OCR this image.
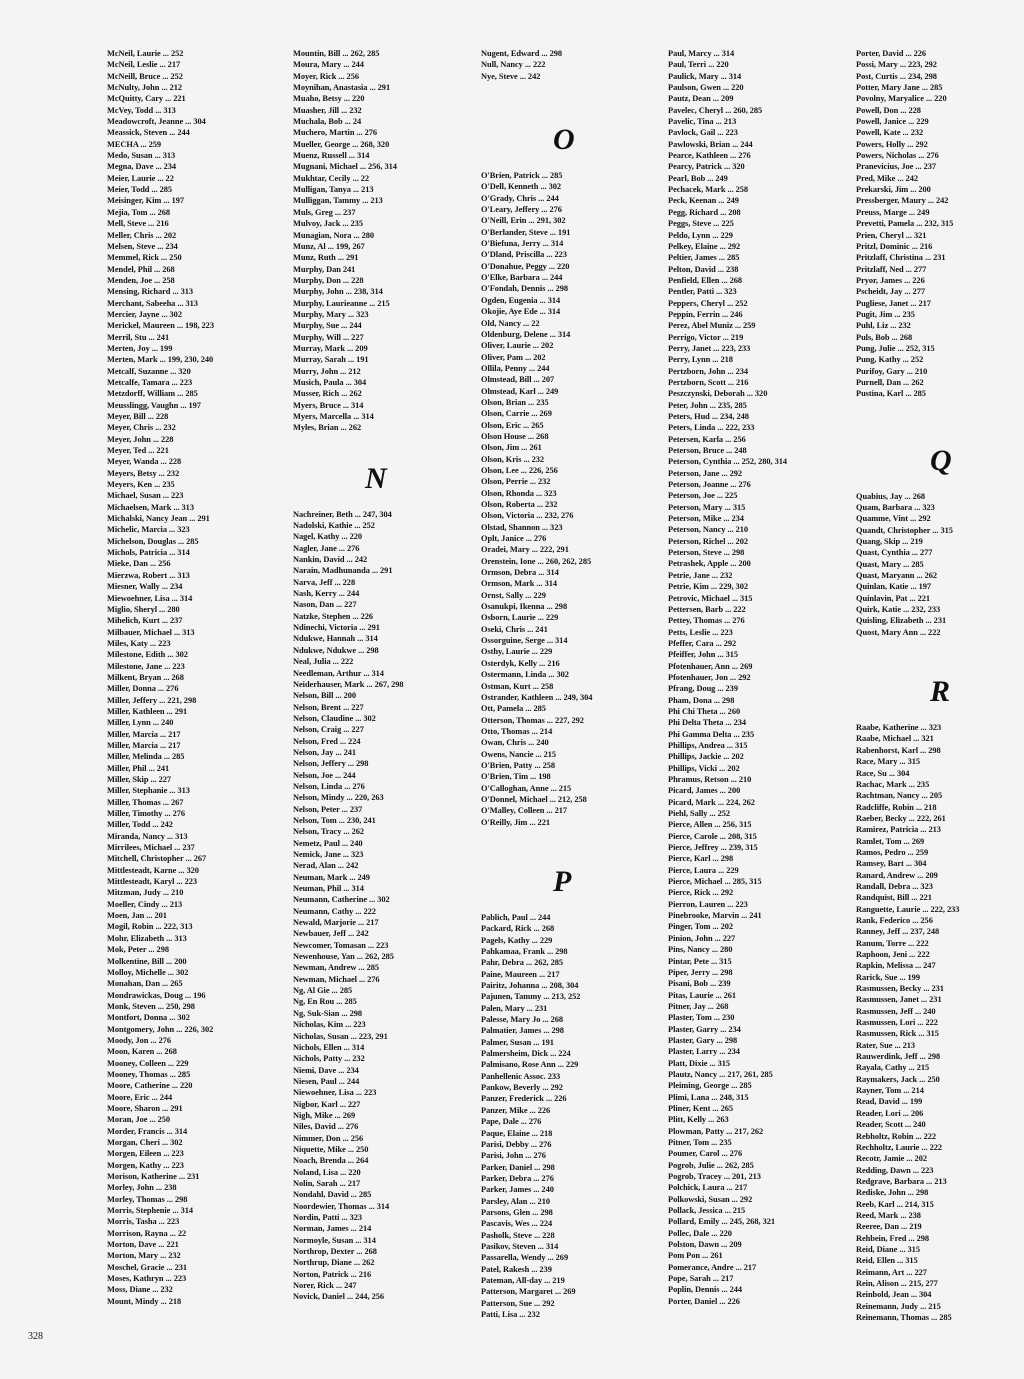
McNeil, Laurie ... 252
McNeil, Leslie ... 217
McNeill, Bruce ... 252
McNulty, John ... 212
McQuitty, Cary ... 221
McVey, Todd ... 313
Meadowcroft, Jeanne ... 304
Meassick, Steven ... 244
MECHA ... 259
Medo, Susan ... 313
Megna, Dave ... 234
Meier, Laurie ... 22
Meier, Todd ... 285
Meisinger, Kim ... 197
Mejia, Tom ... 268
Mell, Steve ... 216
Meller, Chris ... 202
Melsen, Steve ... 234
Memmel, Rick ... 250
Mendel, Phil ... 268
Menden, Joe ... 258
Mensing, Richard ... 313
Merchant, Sabeeha ... 313
Mercier, Jayne ... 302
Merickel, Maureen ... 198, 223
Merril, Stu ... 241
Merten, Joy ... 199
Merten, Mark ... 199, 230, 240
Metcalf, Suzanne ... 320
Metcalfe, Tamara ... 223
Metzdorff, William ... 285
Meusslingg, Vaughn ... 197
Meyer, Bill ... 228
Meyer, Chris ... 232
Meyer, John ... 228
Meyer, Ted ... 221
Meyer, Wanda ... 228
Meyers, Betsy ... 232
Meyers, Ken ... 235
Michael, Susan ... 223
Michaelsen, Mark ... 313
Michalski, Nancy Jean ... 291
Michelic, Marcia ... 323
Michelson, Douglas ... 285
Michols, Patricia ... 314
Mieke, Dan ... 256
Mierzwa, Robert ... 313
Miesner, Wally ... 234
Miewoehner, Lisa ... 314
Miglio, Sheryl ... 280
Mihelich, Kurt ... 237
Milbauer, Michael ... 313
Miles, Katy ... 223
Milestone, Edith ... 302
Milestone, Jane ... 223
Milkent, Bryan ... 268
Miller, Donna ... 276
Miller, Jeffery ... 221, 298
Miller, Kathleen ... 291
Miller, Lynn ... 240
Miller, Marcia ... 217
Miller, Marcia ... 217
Miller, Melinda ... 285
Miller, Phil ... 241
Miller, Skip ... 227
Miller, Stephanie ... 313
Miller, Thomas ... 267
Miller, Timothy ... 276
Miller, Todd ... 242
Miranda, Nancy ... 313
Mirrilees, Michael ... 237
Mitchell, Christopher ... 267
Mittlesteadt, Karne ... 320
Mittlesteadt, Karyl ... 223
Mitzman, Judy ... 210
Moeller, Cindy ... 213
Moen, Jan ... 201
Mogil, Robin ... 222, 313
Mohr, Elizabeth ... 313
Mok, Peter ... 298
Molkentine, Bill ... 200
Molloy, Michelle ... 302
Monahan, Dan ... 265
Mondrawickas, Doug ... 196
Monk, Steven ... 250, 298
Montfort, Donna ... 302
Montgomery, John ... 226, 302
Moody, Jon ... 276
Moon, Karen ... 268
Mooney, Colleen ... 229
Mooney, Thomas ... 285
Moore, Catherine ... 220
Moore, Eric ... 244
Moore, Sharon ... 291
Moran, Joe ... 250
Morder, Francis ... 314
Morgan, Cheri ... 302
Morgen, Eileen ... 223
Morgen, Kathy ... 223
Morison, Katherine ... 231
Morley, John ... 238
Morley, Thomas ... 298
Morris, Stephenie ... 314
Morris, Tasha ... 223
Morrison, Rayna ... 22
Morton, Dave ... 221
Morton, Mary ... 232
Moschel, Gracie ... 231
Moses, Kathryn ... 223
Moss, Diane ... 232
Mount, Mindy ... 218
Mountin, Bill ... 262, 285
Moura, Mary ... 244
Moyer, Rick ... 256
Moynihan, Anastasia ... 291
Muaho, Betsy ... 220
Muasher, Jill ... 232
Muchala, Bob ... 24
Muchero, Martin ... 276
Mueller, George ... 268, 320
Muenz, Russell ... 314
Mugnani, Michael ... 256, 314
Mukhtar, Cecily ... 22
Mulligan, Tanya ... 213
Mulliggan, Tammy ... 213
Muls, Greg ... 237
Mulvoy, Jack ... 235
Munagian, Nora ... 280
Munz, Al ... 199, 267
Munz, Ruth ... 291
Murphy, Dan 241
Murphy, Don ... 228
Murphy, John ... 238, 314
Murphy, Laurieanne ... 215
Murphy, Mary ... 323
Murphy, Sue ... 244
Murphy, Will ... 227
Murray, Mark ... 209
Murray, Sarah ... 191
Murry, John ... 212
Musich, Paula ... 304
Musser, Rich ... 262
Myers, Bruce ... 314
Myers, Marcella ... 314
Myles, Brian ... 262
N
Nachreiner, Beth ... 247, 304
Nadolski, Kathie ... 252
Nagel, Kathy ... 220
Nagler, Jane ... 276
Nankin, David ... 242
Narain, Madhunanda ... 291
Narva, Jeff ... 228
Nash, Kerry ... 244
Nason, Dan ... 227
Natzke, Stephen ... 226
Ndinechi, Victoria ... 291
Ndukwe, Hannah ... 314
Ndukwe, Ndukwe ... 298
Neal, Julia ... 222
Needleman, Arthur ... 314
Neiderhauser, Mark ... 267, 298
Nelson, Bill ... 200
Nelson, Brent ... 227
Nelson, Claudine ... 302
Nelson, Craig ... 227
Nelson, Fred ... 224
Nelson, Jay ... 241
Nelson, Jeffery ... 298
Nelson, Joe ... 244
Nelson, Linda ... 276
Nelson, Mindy ... 220, 263
Nelson, Peter ... 237
Nelson, Tom ... 230, 241
Nelson, Tracy ... 262
Nemetz, Paul ... 240
Nemick, Jane ... 323
Nerad, Alan ... 242
Neuman, Mark ... 249
Neuman, Phil ... 314
Neumann, Catherine ... 302
Neumann, Cathy ... 222
Newald, Marjorie ... 217
Newbauer, Jeff ... 242
Newcomer, Tomasan ... 223
Newenhouse, Yan ... 262, 285
Newman, Andrew ... 285
Newman, Michael ... 276
Ng, Al Gie ... 285
Ng, En Rou ... 285
Ng, Suk-Sian ... 298
Nicholas, Kim ... 223
Nicholas, Susan ... 223, 291
Nichols, Ellen ... 314
Nichols, Patty ... 232
Niemi, Dave ... 234
Niesen, Paul ... 244
Niewoehner, Lisa ... 223
Nigbor, Karl ... 227
Nigh, Mike ... 269
Niles, David ... 276
Nimmer, Don ... 256
Niquette, Mike ... 250
Noach, Brenda ... 264
Noland, Lisa ... 220
Nolin, Sarah ... 217
Nondahl, David ... 285
Noordewier, Thomas ... 314
Nordin, Patti ... 323
Norman, James ... 214
Normoyle, Susan ... 314
Northrop, Dexter ... 268
Northrup, Diane ... 262
Norton, Patrick ... 216
Norer, Rick ... 247
Novick, Daniel ... 244, 256
Nugent, Edward ... 298
Null, Nancy ... 222
Nye, Steve ... 242
O
O'Brien, Patrick ... 285
O'Dell, Kenneth ... 302
O'Grady, Chris ... 244
O'Leary, Jeffery ... 276
O'Neill, Erin ... 291, 302
O'Berlander, Steve ... 191
O'Biefuna, Jerry ... 314
O'Dland, Priscilla ... 223
O'Donahue, Peggy ... 220
O'Elke, Barbara ... 244
O'Fondah, Dennis ... 298
Ogden, Eugenia ... 314
Okojie, Aye Ede ... 314
Old, Nancy ... 22
Oldenburg, Delene ... 314
Oliver, Laurie ... 202
Oliver, Pam ... 202
Ollila, Penny ... 244
Olmstead, Bill ... 207
Olmstead, Karl ... 249
Olson, Brian ... 235
Olson, Carrie ... 269
Olson, Eric ... 265
Olson House ... 268
Olson, Jim ... 261
Olson, Kris ... 232
Olson, Lee ... 226, 256
Olson, Perrie ... 232
Olson, Rhonda ... 323
Olson, Roberta ... 232
Olson, Victoria ... 232, 276
Olstad, Shannon ... 323
Oplt, Janice ... 276
Oradei, Mary ... 222, 291
Orenstein, Ione ... 260, 262, 285
Ormson, Debra ... 314
Ormson, Mark ... 314
Ornst, Sally ... 229
Osanukpi, Ikenna ... 298
Osborn, Laurie ... 229
Oseki, Chris ... 241
Ossorguine, Serge ... 314
Osthy, Laurie ... 229
Osterdyk, Kelly ... 216
Ostermann, Linda ... 302
Ostman, Kurt ... 258
Ostrander, Kathleen ... 249, 304
Ott, Pamela ... 285
Otterson, Thomas ... 227, 292
Otto, Thomas ... 214
Owan, Chris ... 240
Owens, Nancie ... 215
O'Brien, Patty ... 258
O'Brien, Tim ... 198
O'Calloghan, Anne ... 215
O'Donnel, Michael ... 212, 258
O'Malley, Colleen ... 217
O'Reilly, Jim ... 221
P
Pablich, Paul ... 244
Packard, Rick ... 268
Pagels, Kathy ... 229
Pahkamaa, Frank ... 298
Pahr, Debra ... 262, 285
Paine, Maureen ... 217
Pairitz, Johanna ... 208, 304
Pajunen, Tammy ... 213, 252
Palen, Mary ... 231
Palesse, Mary Jo ... 268
Palmatier, James ... 298
Palmer, Susan ... 191
Palmersheim, Dick ... 224
Palmisano, Rose Ann ... 229
Panhellenic Assoc. 233
Pankow, Beverly ... 292
Panzer, Frederick ... 226
Panzer, Mike ... 226
Pape, Dale ... 276
Paque, Elaine ... 218
Parisi, Debby ... 276
Parisi, John ... 276
Parker, Daniel ... 298
Parker, Debra ... 276
Parker, James ... 240
Parsley, Alan ... 210
Parsons, Glen ... 298
Pascavis, Wes ... 224
Pasholk, Steve ... 228
Pasikov, Steven ... 314
Passarella, Wendy ... 269
Patel, Rakesh ... 239
Pateman, All-day ... 219
Patterson, Margaret ... 269
Patterson, Sue ... 292
Patti, Lisa ... 232
Paul, Marcy ... 314
Paul, Terri ... 220
Paulick, Mary ... 314
Paulson, Gwen ... 220
Pautz, Dean ... 209
Pavelec, Cheryl ... 260, 285
Pavelic, Tina ... 213
Pavlock, Gail ... 223
Pawlowski, Brian ... 244
Pearce, Kathleen ... 276
Pearcy, Patrick ... 320
Pearl, Bob ... 249
Pechacek, Mark ... 258
Peck, Keenan ... 249
Pegg, Richard ... 208
Peggs, Steve ... 225
Peldo, Lynn ... 229
Pelkey, Elaine ... 292
Peltier, James ... 285
Pelton, David ... 238
Penfield, Ellen ... 268
Pentler, Patti ... 323
Peppers, Cheryl ... 252
Peppin, Ferrin ... 246
Perez, Abel Muniz ... 259
Perrigo, Victor ... 219
Perry, Janet ... 223, 233
Perry, Lynn ... 218
Pertzborn, John ... 234
Pertzborn, Scott ... 216
Peszczynski, Deborah ... 320
Peter, John ... 235, 285
Peters, Hud ... 234, 248
Peters, Linda ... 222, 233
Petersen, Karla ... 256
Peterson, Bruce ... 248
Peterson, Cynthia ... 252, 280, 314
Peterson, Jane ... 292
Peterson, Joanne ... 276
Peterson, Joe ... 225
Peterson, Mary ... 315
Peterson, Mike ... 234
Peterson, Nancy ... 210
Peterson, Richel ... 202
Peterson, Steve ... 298
Petrashek, Apple ... 200
Petrie, Jane ... 232
Petrie, Kim ... 229, 302
Petrovic, Michael ... 315
Pettersen, Barb ... 222
Pettey, Thomas ... 276
Petts, Leslie ... 223
Pfeffer, Cara ... 292
Pfeiffer, John ... 315
Pfotenhauer, Ann ... 269
Pfotenhauer, Jon ... 292
Pfrang, Doug ... 239
Pham, Dona ... 298
Phi Chi Theta ... 260
Phi Delta Theta ... 234
Phi Gamma Delta ... 235
Phillips, Andrea ... 315
Phillips, Jackie ... 202
Phillips, Vicki ... 202
Phramus, Retson ... 210
Picard, James ... 200
Picard, Mark ... 224, 262
Piehl, Sally ... 252
Pierce, Allen ... 256, 315
Pierce, Carole ... 208, 315
Pierce, Jeffrey ... 239, 315
Pierce, Karl ... 298
Pierce, Laura ... 229
Pierce, Michael ... 285, 315
Pierce, Rick ... 292
Pierron, Lauren ... 223
Pinebrooke, Marvin ... 241
Pinger, Tom ... 202
Pinion, John ... 227
Pins, Nancy ... 280
Pintar, Pete ... 315
Piper, Jerry ... 298
Pisani, Bob ... 239
Pitas, Laurie ... 261
Pitner, Jay ... 268
Plaster, Tom ... 230
Plaster, Garry ... 234
Plaster, Gary ... 298
Plaster, Larry ... 234
Platt, Dixie ... 315
Plautz, Nancy ... 217, 261, 285
Pleiming, George ... 285
Plimi, Lana ... 248, 315
Pliner, Kent ... 265
Plitt, Kelly ... 263
Plowman, Patty ... 217, 262
Pitner, Tom ... 235
Poumer, Carol ... 276
Pogrob, Julie ... 262, 285
Pogrob, Tracey ... 201, 213
Polchick, Laura ... 217
Polkowski, Susan ... 292
Pollack, Jessica ... 215
Pollard, Emily ... 245, 268, 321
Pollec, Dale ... 220
Polston, Dawn ... 209
Pom Pon ... 261
Pomerance, Andre ... 217
Pope, Sarah ... 217
Poplin, Dennis ... 244
Porter, Daniel ... 226
Porter, David ... 226
Possi, Mary ... 223, 292
Post, Curtis ... 234, 298
Potter, Mary Jane ... 285
Povolny, Maryalice ... 220
Powell, Don ... 228
Powell, Janice ... 229
Powell, Kate ... 232
Powers, Holly ... 292
Powers, Nicholas ... 276
Pranevicius, Joe ... 237
Pred, Mike ... 242
Prekarski, Jim ... 200
Pressberger, Maury ... 242
Preuss, Marge ... 249
Prevetti, Pamela ... 232, 315
Prien, Cheryl ... 321
Pritzl, Dominic ... 216
Pritzlaff, Christina ... 231
Pritzlaff, Ned ... 277
Pryor, James ... 226
Pscheidt, Jay ... 277
Pugliese, Janet ... 217
Pugit, Jim ... 235
Puhl, Liz ... 232
Puls, Bob ... 268
Pung, Julie ... 252, 315
Pung, Kathy ... 252
Purifoy, Gary ... 210
Purnell, Dan ... 262
Pustina, Karl ... 285
Q
Quabius, Jay ... 268
Quam, Barbara ... 323
Quamme, Vint ... 292
Quandt, Christopher ... 315
Quang, Skip ... 219
Quast, Cynthia ... 277
Quast, Mary ... 285
Quast, Maryann ... 262
Quinlan, Katie ... 197
Quinlavin, Pat ... 221
Quirk, Katie ... 232, 233
Quisling, Elizabeth ... 231
Quost, Mary Ann ... 222
R
Raabe, Katherine ... 323
Raabe, Michael ... 321
Rabenhorst, Karl ... 298
Race, Mary ... 315
Race, Su ... 304
Rachac, Mark ... 235
Rachtman, Nancy ... 205
Radcliffe, Robin ... 218
Raeber, Becky ... 222, 261
Ramirez, Patricia ... 213
Ramlet, Tom ... 269
Ramos, Pedro ... 259
Ramsey, Bart ... 304
Ranard, Andrew ... 209
Randall, Debra ... 323
Randquist, Bill ... 221
Ranguette, Laurie ... 222, 233
Rank, Federico ... 256
Ranney, Jeff ... 237, 248
Ranum, Torre ... 222
Raphoon, Jeni ... 222
Rapkin, Melissa ... 247
Rarick, Sue ... 199
Rasmussen, Becky ... 231
Rasmussen, Janet ... 231
Rasmussen, Jeff ... 240
Rasmussen, Lori ... 222
Rasmussen, Rick ... 315
Rater, Sue ... 213
Rauwerdink, Jeff ... 298
Rayala, Cathy ... 215
Raymakers, Jack ... 250
Rayner, Tom ... 214
Read, David ... 199
Reader, Lori ... 206
Reader, Scott ... 240
Rebholtz, Robin ... 222
Rechholtz, Laurie ... 222
Recotr, Jamie ... 202
Redding, Dawn ... 223
Redgrave, Barbara ... 213
Rediske, John ... 298
Reeb, Karl ... 214, 315
Reed, Mark ... 238
Reeree, Dan ... 219
Rehbein, Fred ... 298
Reid, Diane ... 315
Reid, Ellen ... 315
Reimann, Art ... 227
Rein, Alison ... 215, 277
Reinbold, Jean ... 304
Reinemann, Judy ... 215
Reinemann, Thomas ... 285
328
